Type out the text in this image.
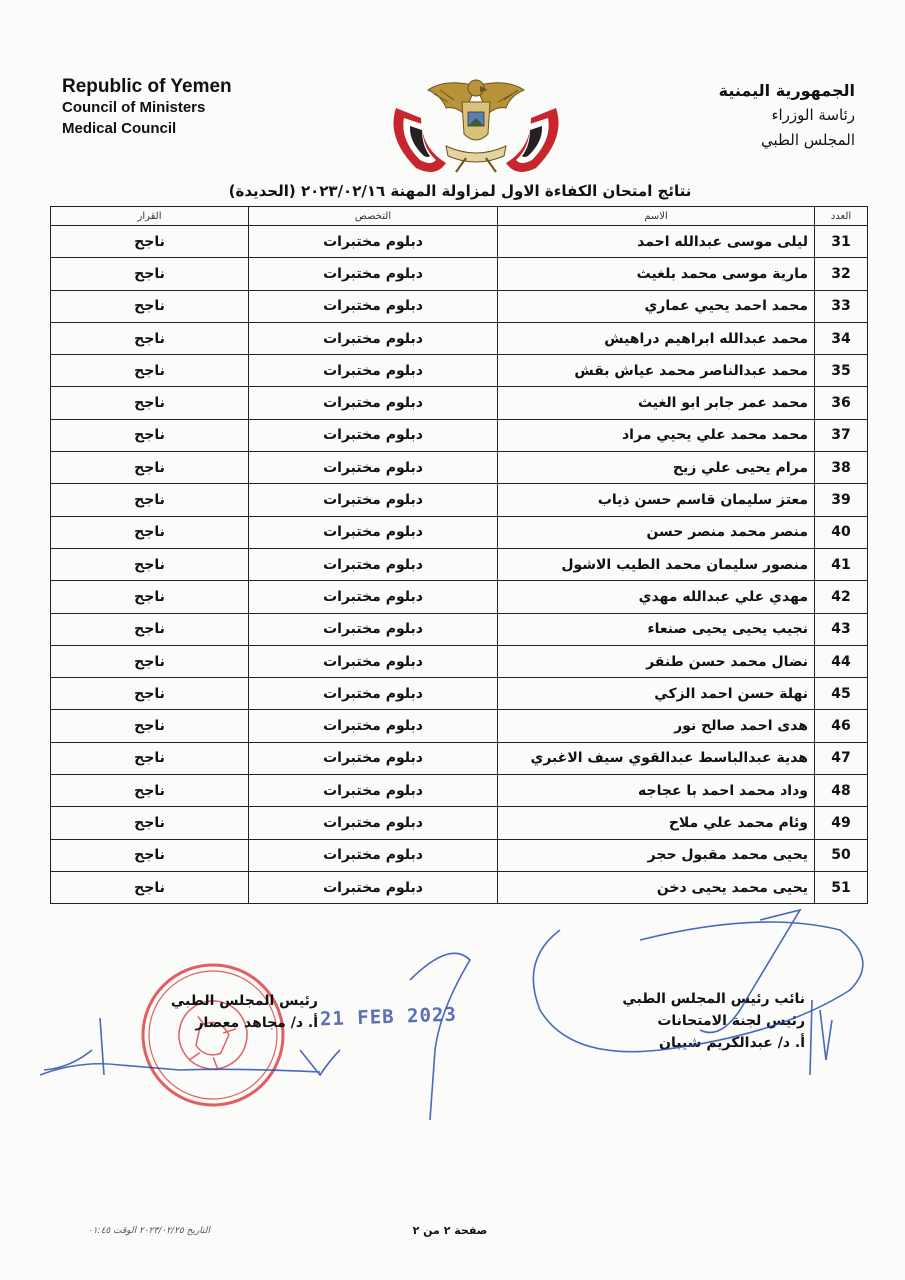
Republic of Yemen
Council of Ministers
Medical Council
الجمهورية اليمنية
رئاسة الوزراء
المجلس الطبي
نتائج امتحان الكفاءة الاول لمزاولة المهنة ٢٠٢٣/٠٢/١٦ (الحديدة)
العدد	الاسم	التخصص	القرار
31	ليلى موسى عبدالله احمد	دبلوم مختبرات	ناجح
32	مارية موسى محمد بلغيث	دبلوم مختبرات	ناجح
33	محمد احمد يحيي عماري	دبلوم مختبرات	ناجح
34	محمد عبدالله ابراهيم دراهيش	دبلوم مختبرات	ناجح
35	محمد عبدالناصر محمد عياش بقش	دبلوم مختبرات	ناجح
36	محمد عمر جابر ابو الغيث	دبلوم مختبرات	ناجح
37	محمد محمد علي يحيي مراد	دبلوم مختبرات	ناجح
38	مرام يحيى علي زيح	دبلوم مختبرات	ناجح
39	معتز سليمان قاسم حسن ذياب	دبلوم مختبرات	ناجح
40	منصر محمد منصر حسن	دبلوم مختبرات	ناجح
41	منصور سليمان محمد الطيب الاشول	دبلوم مختبرات	ناجح
42	مهدي علي عبدالله مهدي	دبلوم مختبرات	ناجح
43	نجيب يحيى يحيى صنعاء	دبلوم مختبرات	ناجح
44	نضال محمد حسن طنقر	دبلوم مختبرات	ناجح
45	نهلة حسن احمد الزكي	دبلوم مختبرات	ناجح
46	هدى احمد صالح نور	دبلوم مختبرات	ناجح
47	هدية عبدالباسط عبدالقوي سيف الاغبري	دبلوم مختبرات	ناجح
48	وداد محمد احمد با عجاجه	دبلوم مختبرات	ناجح
49	وئام محمد علي ملاح	دبلوم مختبرات	ناجح
50	يحيى محمد مقبول حجر	دبلوم مختبرات	ناجح
51	يحيى محمد يحيى دخن	دبلوم مختبرات	ناجح
رئيس المجلس الطبي
أ. د/ مجاهد معصار 21 FEB 2023
نائب رئيس المجلس الطبي
رئيس لجنة الامتحانات
أ. د/ عبدالكريم شيبان
صفحة ٢ من ٢
التاريخ ٢٠٢٣/٠٢/٢٥ الوقت ٠١:٤٥
